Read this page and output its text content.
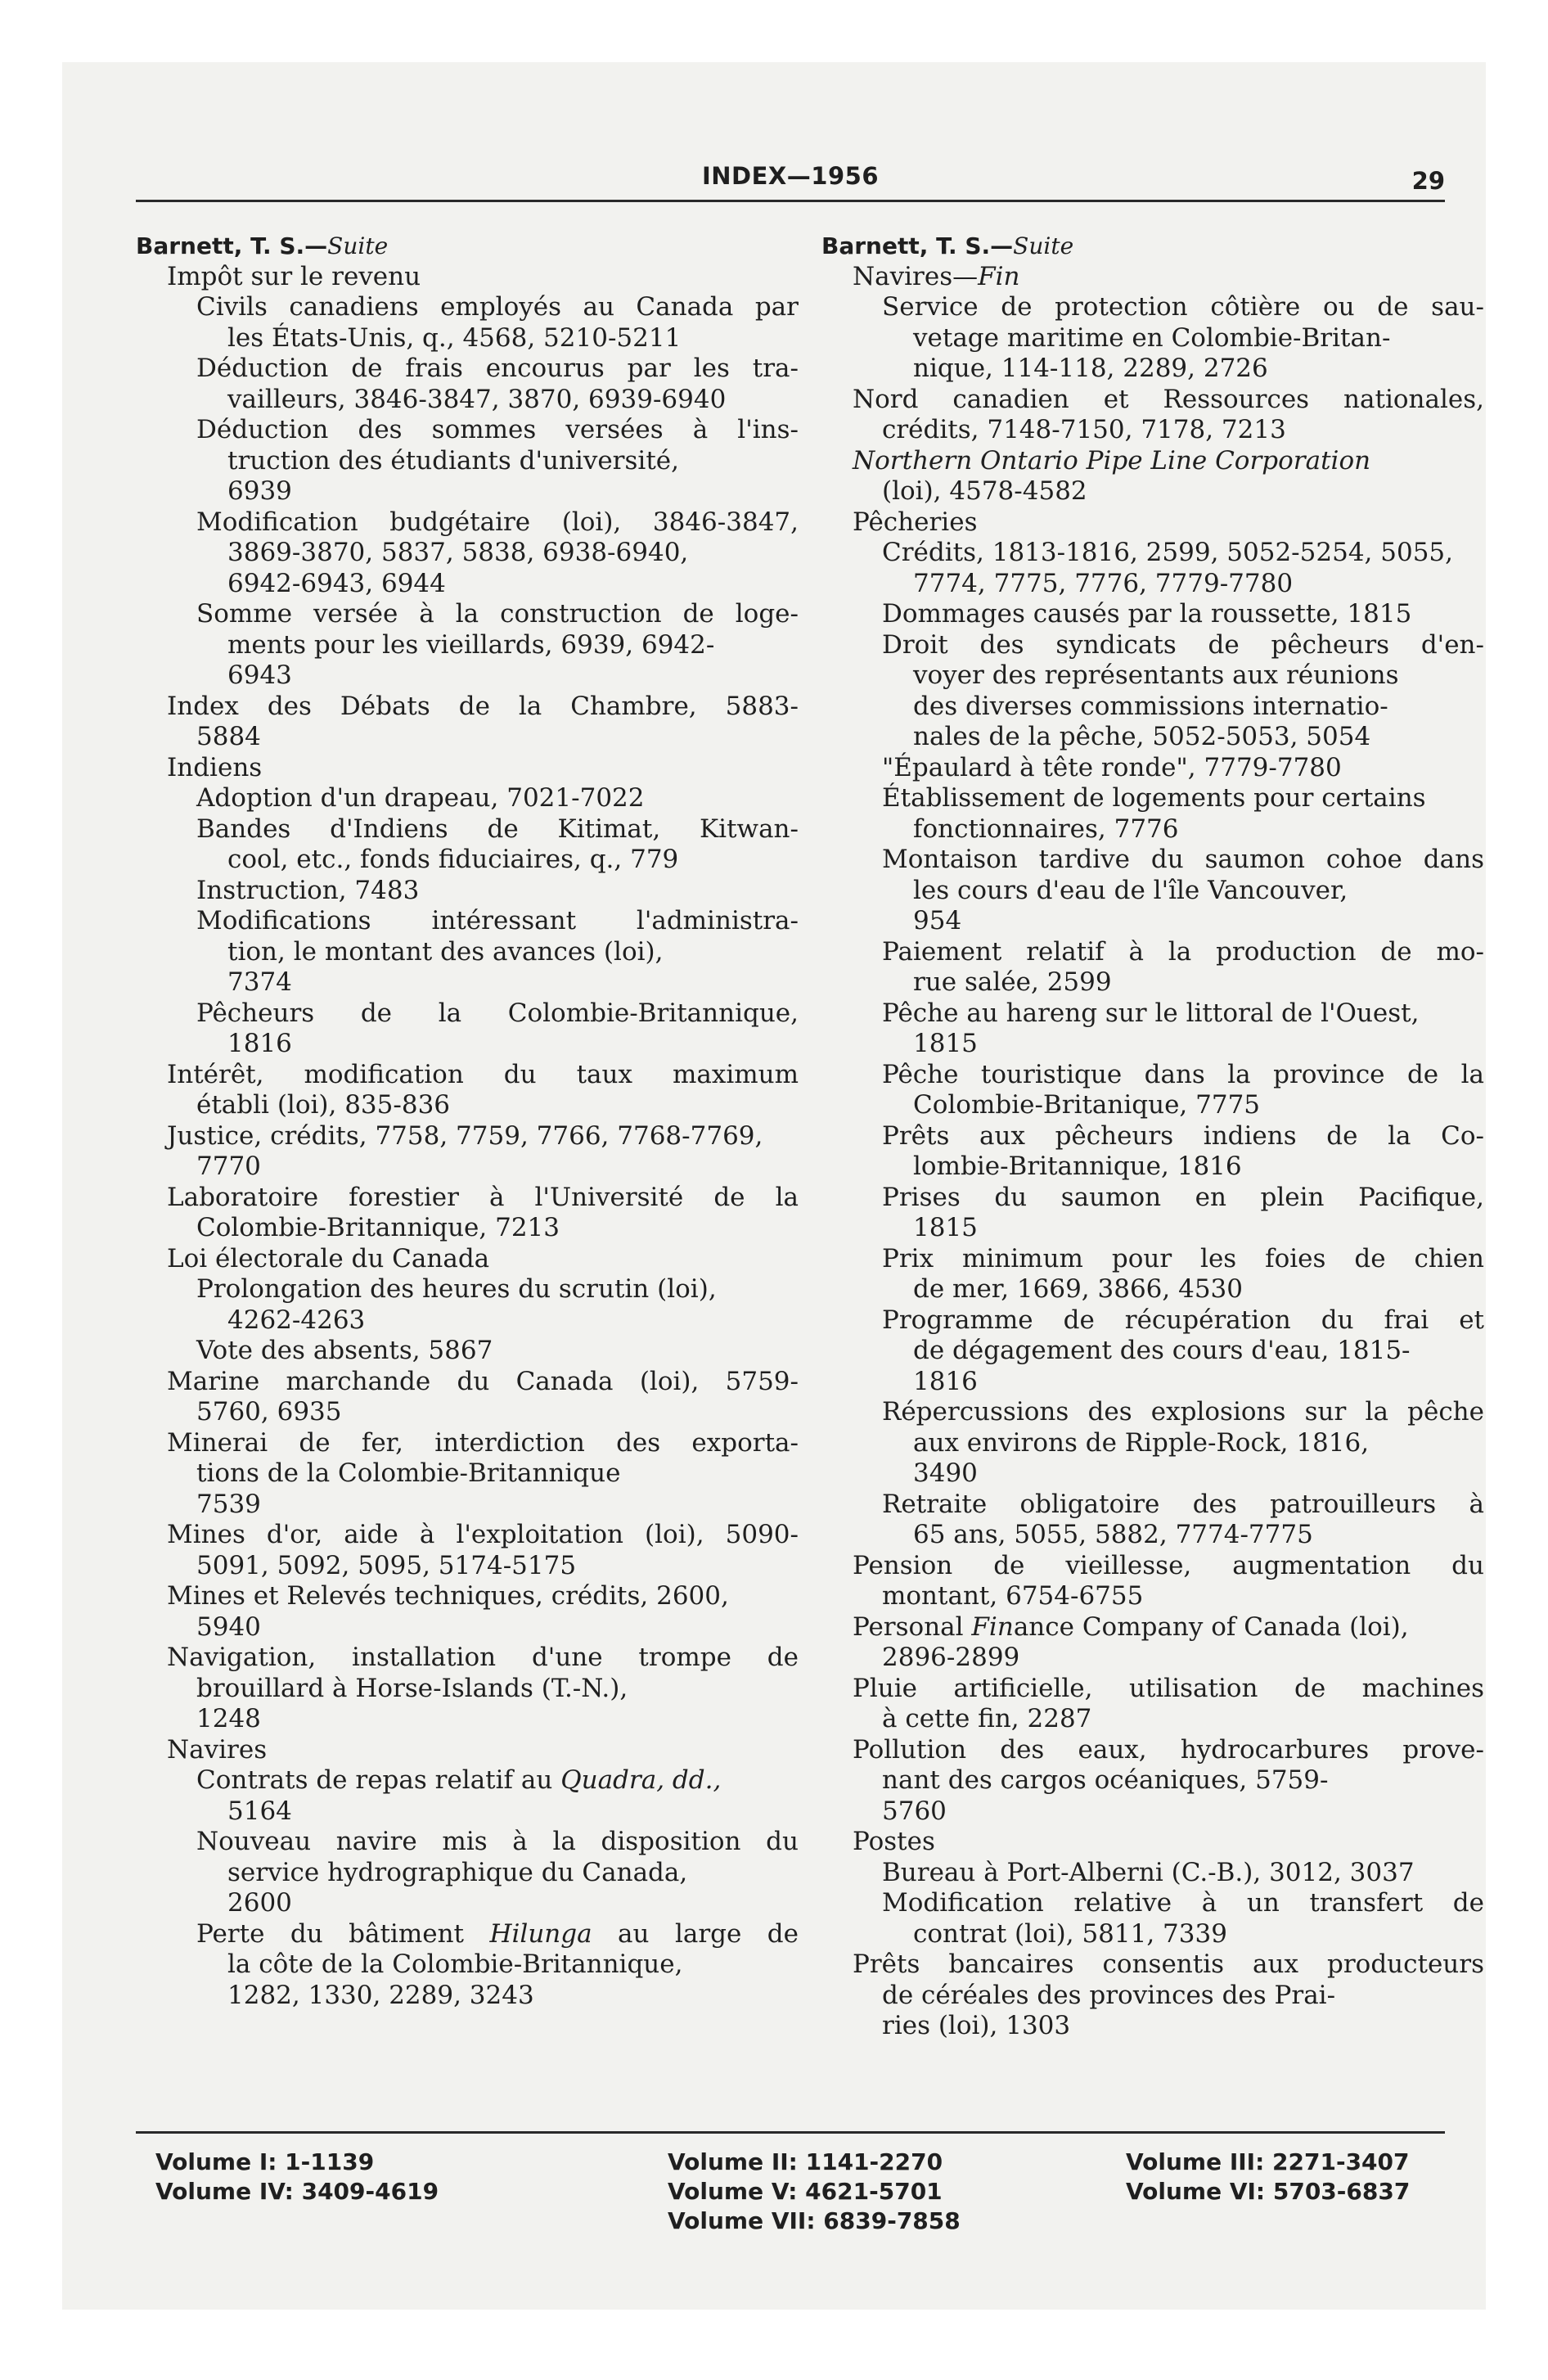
INDEX—1956	29
Barnett, T. S.—Suite
Impôt sur le revenu
Civils canadiens employés au Canada par
les États-Unis, q., 4568, 5210-5211
Déduction de frais encourus par les tra-
vailleurs, 3846-3847, 3870, 6939-6940
Déduction des sommes versées à l'ins-
truction des étudiants d'université,
6939
Modification budgétaire (loi), 3846-3847,
3869-3870, 5837, 5838, 6938-6940,
6942-6943, 6944
Somme versée à la construction de loge-
ments pour les vieillards, 6939, 6942-
6943
Index des Débats de la Chambre, 5883-
5884
Indiens
Adoption d'un drapeau, 7021-7022
Bandes d'Indiens de Kitimat, Kitwan-
cool, etc., fonds fiduciaires, q., 779
Instruction, 7483
Modifications intéressant l'administra-
tion, le montant des avances (loi),
7374
Pêcheurs de la Colombie-Britannique,
1816
Intérêt, modification du taux maximum
établi (loi), 835-836
Justice, crédits, 7758, 7759, 7766, 7768-7769,
7770
Laboratoire forestier à l'Université de la
Colombie-Britannique, 7213
Loi électorale du Canada
Prolongation des heures du scrutin (loi),
4262-4263
Vote des absents, 5867
Marine marchande du Canada (loi), 5759-
5760, 6935
Minerai de fer, interdiction des exporta-
tions de la Colombie-Britannique
7539
Mines d'or, aide à l'exploitation (loi), 5090-
5091, 5092, 5095, 5174-5175
Mines et Relevés techniques, crédits, 2600,
5940
Navigation, installation d'une trompe de
brouillard à Horse-Islands (T.-N.),
1248
Navires
Contrats de repas relatif au Quadra, dd.,
5164
Nouveau navire mis à la disposition du
service hydrographique du Canada,
2600
Perte du bâtiment Hilunga au large de
la côte de la Colombie-Britannique,
1282, 1330, 2289, 3243
Barnett, T. S.—Suite
Navires—Fin
Service de protection côtière ou de sau-
vetage maritime en Colombie-Britan-
nique, 114-118, 2289, 2726
Nord canadien et Ressources nationales,
crédits, 7148-7150, 7178, 7213
Northern Ontario Pipe Line Corporation
(loi), 4578-4582
Pêcheries
Crédits, 1813-1816, 2599, 5052-5254, 5055,
7774, 7775, 7776, 7779-7780
Dommages causés par la roussette, 1815
Droit des syndicats de pêcheurs d'en-
voyer des représentants aux réunions
des diverses commissions internatio-
nales de la pêche, 5052-5053, 5054
"Épaulard à tête ronde", 7779-7780
Établissement de logements pour certains
fonctionnaires, 7776
Montaison tardive du saumon cohoe dans
les cours d'eau de l'île Vancouver,
954
Paiement relatif à la production de mo-
rue salée, 2599
Pêche au hareng sur le littoral de l'Ouest,
1815
Pêche touristique dans la province de la
Colombie-Britanique, 7775
Prêts aux pêcheurs indiens de la Co-
lombie-Britannique, 1816
Prises du saumon en plein Pacifique,
1815
Prix minimum pour les foies de chien
de mer, 1669, 3866, 4530
Programme de récupération du frai et
de dégagement des cours d'eau, 1815-
1816
Répercussions des explosions sur la pêche
aux environs de Ripple-Rock, 1816,
3490
Retraite obligatoire des patrouilleurs à
65 ans, 5055, 5882, 7774-7775
Pension de vieillesse, augmentation du
montant, 6754-6755
Personal Finance Company of Canada (loi),
2896-2899
Pluie artificielle, utilisation de machines
à cette fin, 2287
Pollution des eaux, hydrocarbures prove-
nant des cargos océaniques, 5759-
5760
Postes
Bureau à Port-Alberni (C.-B.), 3012, 3037
Modification relative à un transfert de
contrat (loi), 5811, 7339
Prêts bancaires consentis aux producteurs
de céréales des provinces des Prai-
ries (loi), 1303
Volume I: 1-1139
Volume IV: 3409-4619
Volume II: 1141-2270
Volume V: 4621-5701
Volume VII: 6839-7858
Volume III: 2271-3407
Volume VI: 5703-6837
